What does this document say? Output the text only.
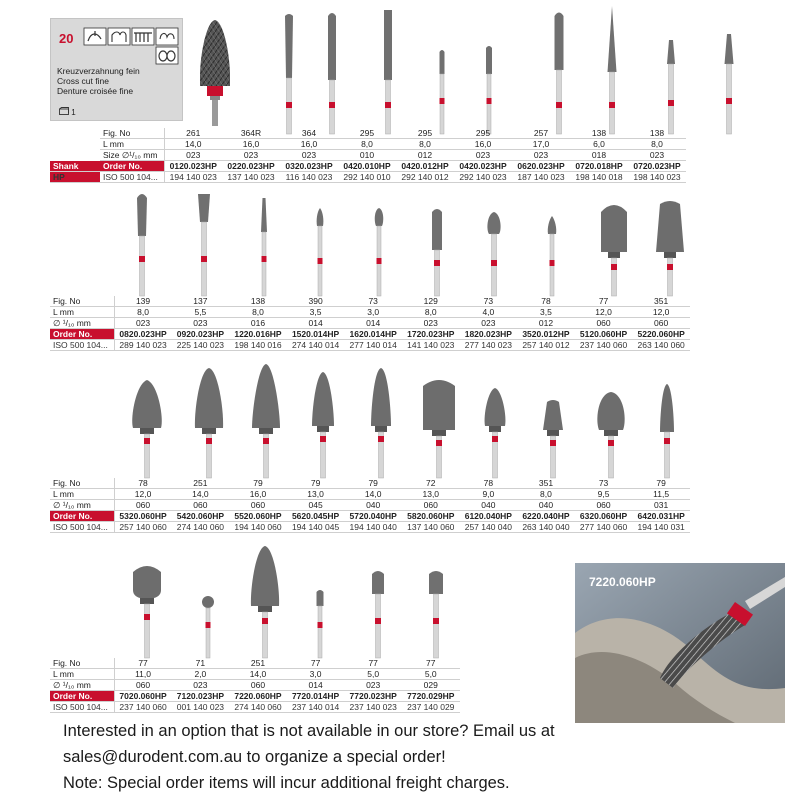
20
Kreuzverzahnung fein
Cross cut fine
Denture croisée fine
1
	Fig. No	261	364R	364	295	295	295	257	138	138
	L mm	14,0	16,0	16,0	8,0	8,0	16,0	17,0	6,0	8,0
	Size ∅¹/₁₀ mm	023	023	023	010	012	023	023	018	023
Shank	Order No.	0120.023HP	0220.023HP	0320.023HP	0420.010HP	0420.012HP	0420.023HP	0620.023HP	0720.018HP	0720.023HP
HP	ISO 500 104...	194 140 023	137 140 023	116 140 023	292 140 010	292 140 012	292 140 023	187 140 023	198 140 018	198 140 023
Fig. No	139	137	138	390	73	129	73	78	77	351
L mm	8,0	5,5	8,0	3,5	3,0	8,0	4,0	3,5	12,0	12,0
∅ ¹/₁₀ mm	023	023	016	014	014	023	023	012	060	060
Order No.	0820.023HP	0920.023HP	1220.016HP	1520.014HP	1620.014HP	1720.023HP	1820.023HP	3520.012HP	5120.060HP	5220.060HP
ISO 500 104...	289 140 023	225 140 023	198 140 016	274 140 014	277 140 014	141 140 023	277 140 023	257 140 012	237 140 060	263 140 060
Fig. No	78	251	79	79	79	72	78	351	73	79
L mm	12,0	14,0	16,0	13,0	14,0	13,0	9,0	8,0	9,5	11,5
∅ ¹/₁₀ mm	060	060	060	045	040	060	040	040	060	031
Order No.	5320.060HP	5420.060HP	5520.060HP	5620.045HP	5720.040HP	5820.060HP	6120.040HP	6220.040HP	6320.060HP	6420.031HP
ISO 500 104...	257 140 060	274 140 060	194 140 060	194 140 045	194 140 040	137 140 060	257 140 040	263 140 040	277 140 060	194 140 031
Fig. No	77	71	251	77	77	77
L mm	11,0	2,0	14,0	3,0	5,0	5,0
∅ ¹/₁₀ mm	060	023	060	014	023	029
Order No.	7020.060HP	7120.023HP	7220.060HP	7720.014HP	7720.023HP	7720.029HP
ISO 500 104...	237 140 060	001 140 023	274 140 060	237 140 014	237 140 023	237 140 029
7220.060HP
Interested in an option that is not available in our store? Email us at
sales@durodent.com.au to organize a special order!
Note: Special order items will incur additional freight charges.
